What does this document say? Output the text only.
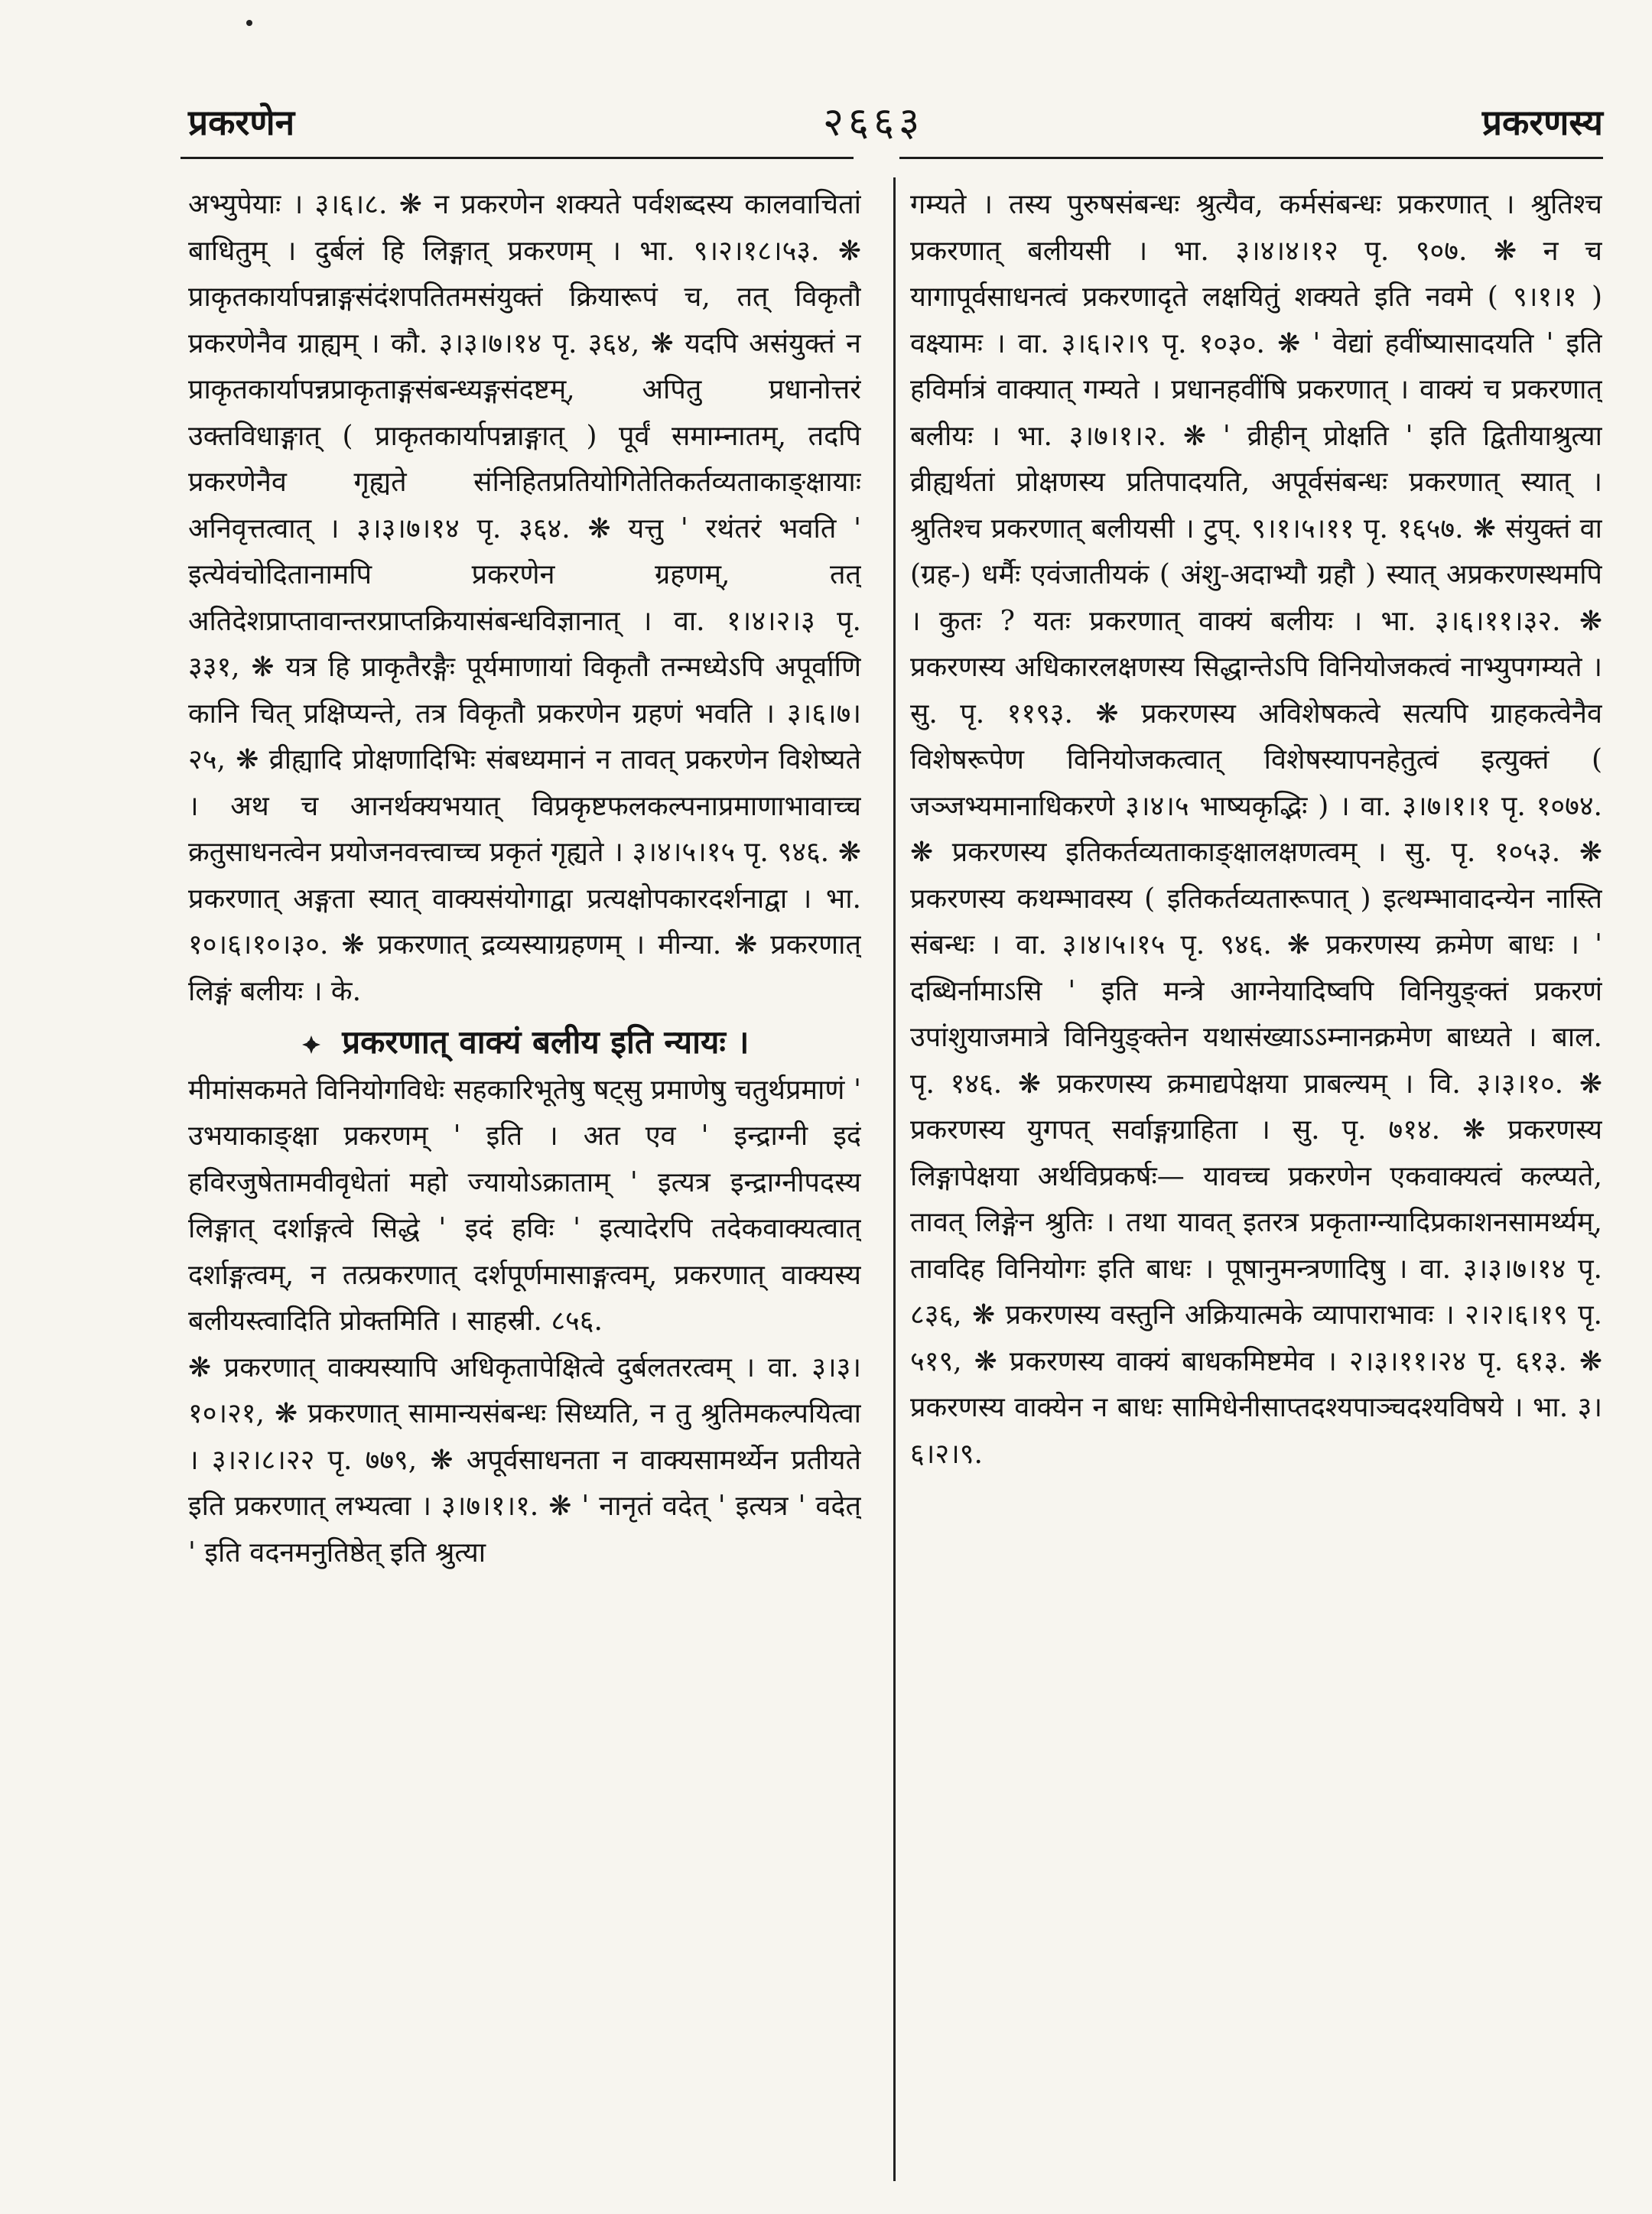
प्रकरणेन	२६६३	प्रकरणस्य

अभ्युपेयाः । ३।६।८. ❋ न प्रकरणेन शक्यते पर्वशब्दस्य कालवाचितां बाधितुम् । दुर्बलं हि लिङ्गात् प्रकरणम् । भा. ९।२।१८।५३. ❋ प्राकृतकार्यापन्नाङ्गसंदंशपतितमसंयुक्तं क्रियारूपं च, तत् विकृतौ प्रकरणेनैव ग्राह्यम् । कौ. ३।३।७।१४ पृ. ३६४, ❋ यदपि असंयुक्तं न प्राकृतकार्यापन्नप्राकृताङ्गसंबन्ध्यङ्गसंदष्टम्, अपितु प्रधानोत्तरं उक्तविधाङ्गात् ( प्राकृतकार्यापन्नाङ्गात् ) पूर्वं समाम्नातम्, तदपि प्रकरणेनैव गृह्यते संनिहितप्रतियोगितेतिकर्तव्यताकाङ्क्षायाः अनिवृत्तत्वात् । ३।३।७।१४ पृ. ३६४. ❋ यत्तु ' रथंतरं भवति ' इत्येवंचोदितानामपि प्रकरणेन ग्रहणम्, तत् अतिदेशप्राप्तावान्तरप्राप्तक्रियासंबन्धविज्ञानात् । वा. १।४।२।३ पृ. ३३१, ❋ यत्र हि प्राकृतैरङ्गैः पूर्यमाणायां विकृतौ तन्मध्येऽपि अपूर्वाणि कानि चित् प्रक्षिप्यन्ते, तत्र विकृतौ प्रकरणेन ग्रहणं भवति । ३।६।७।२५, ❋ व्रीह्यादि प्रोक्षणादिभिः संबध्यमानं न तावत् प्रकरणेन विशेष्यते । अथ च आनर्थक्यभयात् विप्रकृष्टफलकल्पनाप्रमाणाभावाच्च क्रतुसाधनत्वेन प्रयोजनवत्त्वाच्च प्रकृतं गृह्यते । ३।४।५।१५ पृ. ९४६. ❋ प्रकरणात् अङ्गता स्यात् वाक्यसंयोगाद्वा प्रत्यक्षोपकारदर्शनाद्वा । भा. १०।६।१०।३०. ❋ प्रकरणात् द्रव्यस्याग्रहणम् । मीन्या. ❋ प्रकरणात् लिङ्गं बलीयः । के.

प्रकरणात् वाक्यं बलीय इति न्यायः ।

मीमांसकमते विनियोगविधेः सहकारिभूतेषु षट्सु प्रमाणेषु चतुर्थप्रमाणं ' उभयाकाङ्क्षा प्रकरणम् ' इति । अत एव ' इन्द्राग्नी इदं हविरजुषेतामवीवृधेतां महो ज्यायोऽक्राताम् ' इत्यत्र इन्द्राग्नीपदस्य लिङ्गात् दर्शाङ्गत्वे सिद्धे ' इदं हविः ' इत्यादेरपि तदेकवाक्यत्वात् दर्शाङ्गत्वम्, न तत्प्रकरणात् दर्शपूर्णमासाङ्गत्वम्, प्रकरणात् वाक्यस्य बलीयस्त्वादिति प्रोक्तमिति । साहस्री. ८५६.

❋ प्रकरणात् वाक्यस्यापि अधिकृतापेक्षित्वे दुर्बलतरत्वम् । वा. ३।३।१०।२१, ❋ प्रकरणात् सामान्यसंबन्धः सिध्यति, न तु श्रुतिमकल्पयित्वा । ३।२।८।२२ पृ. ७७९, ❋ अपूर्वसाधनता न वाक्यसामर्थ्येन प्रतीयते इति प्रकरणात् लभ्यत्वा । ३।७।१।१. ❋ ' नानृतं वदेत् ' इत्यत्र ' वदेत् ' इति वदनमनुतिष्ठेत् इति श्रुत्या

गम्यते । तस्य पुरुषसंबन्धः श्रुत्यैव, कर्मसंबन्धः प्रकरणात् । श्रुतिश्च प्रकरणात् बलीयसी । भा. ३।४।४।१२ पृ. ९०७. ❋ न च यागापूर्वसाधनत्वं प्रकरणादृते लक्षयितुं शक्यते इति नवमे ( ९।१।१ ) वक्ष्यामः । वा. ३।६।२।९ पृ. १०३०. ❋ ' वेद्यां हवींष्यासादयति ' इति हविर्मात्रं वाक्यात् गम्यते । प्रधानहवींषि प्रकरणात् । वाक्यं च प्रकरणात् बलीयः । भा. ३।७।१।२. ❋ ' व्रीहीन् प्रोक्षति ' इति द्वितीयाश्रुत्या व्रीह्यर्थतां प्रोक्षणस्य प्रतिपादयति, अपूर्वसंबन्धः प्रकरणात् स्यात् । श्रुतिश्च प्रकरणात् बलीयसी । टुप्. ९।१।५।११ पृ. १६५७. ❋ संयुक्तं वा (ग्रह-) धर्मैः एवंजातीयकं ( अंशु-अदाभ्यौ ग्रहौ ) स्यात् अप्रकरणस्थमपि । कुतः ? यतः प्रकरणात् वाक्यं बलीयः । भा. ३।६।११।३२. ❋ प्रकरणस्य अधिकारलक्षणस्य सिद्धान्तेऽपि विनियोजकत्वं नाभ्युपगम्यते । सु. पृ. ११९३. ❋ प्रकरणस्य अविशेषकत्वे सत्यपि ग्राहकत्वेनैव विशेषरूपेण विनियोजकत्वात् विशेषस्यापनहेतुत्वं इत्युक्तं ( जञ्जभ्यमानाधिकरणे ३।४।५ भाष्यकृद्भिः ) । वा. ३।७।१।१ पृ. १०७४. ❋ प्रकरणस्य इतिकर्तव्यताकाङ्क्षालक्षणत्वम् । सु. पृ. १०५३. ❋ प्रकरणस्य कथम्भावस्य ( इतिकर्तव्यतारूपात् ) इत्थम्भावादन्येन नास्ति संबन्धः । वा. ३।४।५।१५ पृ. ९४६. ❋ प्रकरणस्य क्रमेण बाधः । ' दब्धिर्नामाऽसि ' इति मन्त्रे आग्नेयादिष्वपि विनियुङ्क्तं प्रकरणं उपांशुयाजमात्रे विनियुङ्क्तेन यथासंख्याऽऽम्नानक्रमेण बाध्यते । बाल. पृ. १४६. ❋ प्रकरणस्य क्रमाद्यपेक्षया प्राबल्यम् । वि. ३।३।१०. ❋ प्रकरणस्य युगपत् सर्वाङ्गग्राहिता । सु. पृ. ७१४. ❋ प्रकरणस्य लिङ्गापेक्षया अर्थविप्रकर्षः— यावच्च प्रकरणेन एकवाक्यत्वं कल्प्यते, तावत् लिङ्गेन श्रुतिः । तथा यावत् इतरत्र प्रकृताग्न्यादिप्रकाशनसामर्थ्यम्, तावदिह विनियोगः इति बाधः । पूषानुमन्त्रणादिषु । वा. ३।३।७।१४ पृ. ८३६, ❋ प्रकरणस्य वस्तुनि अक्रियात्मके व्यापाराभावः । २।२।६।१९ पृ. ५१९, ❋ प्रकरणस्य वाक्यं बाधकमिष्टमेव । २।३।११।२४ पृ. ६१३. ❋ प्रकरणस्य वाक्येन न बाधः सामिधेनीसाप्तदश्यपाञ्चदश्यविषये । भा. ३।६।२।९.
